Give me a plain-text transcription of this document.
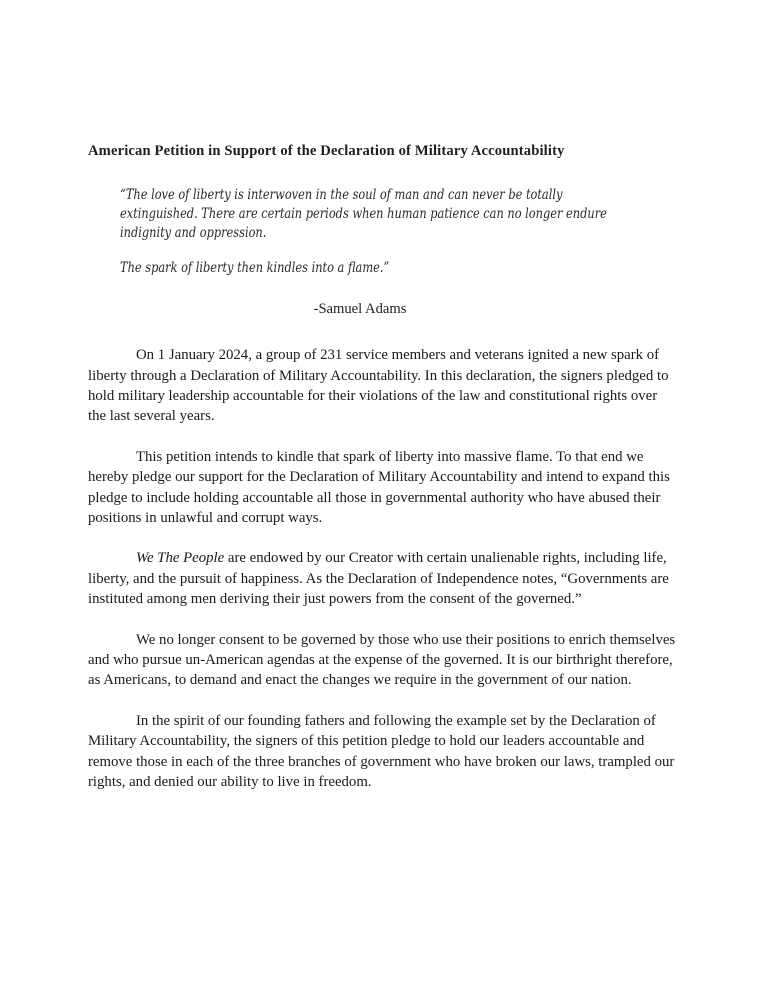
American Petition in Support of the Declaration of Military Accountability

“The love of liberty is interwoven in the soul of man and can never be totally extinguished. There are certain periods when human patience can no longer endure indignity and oppression.

The spark of liberty then kindles into a flame.”

-Samuel Adams

On 1 January 2024, a group of 231 service members and veterans ignited a new spark of liberty through a Declaration of Military Accountability. In this declaration, the signers pledged to hold military leadership accountable for their violations of the law and constitutional rights over the last several years.

This petition intends to kindle that spark of liberty into massive flame. To that end we hereby pledge our support for the Declaration of Military Accountability and intend to expand this pledge to include holding accountable all those in governmental authority who have abused their positions in unlawful and corrupt ways.

We The People are endowed by our Creator with certain unalienable rights, including life, liberty, and the pursuit of happiness. As the Declaration of Independence notes, “Governments are instituted among men deriving their just powers from the consent of the governed.”

We no longer consent to be governed by those who use their positions to enrich themselves and who pursue un-American agendas at the expense of the governed. It is our birthright therefore, as Americans, to demand and enact the changes we require in the government of our nation.

In the spirit of our founding fathers and following the example set by the Declaration of Military Accountability, the signers of this petition pledge to hold our leaders accountable and remove those in each of the three branches of government who have broken our laws, trampled our rights, and denied our ability to live in freedom.
